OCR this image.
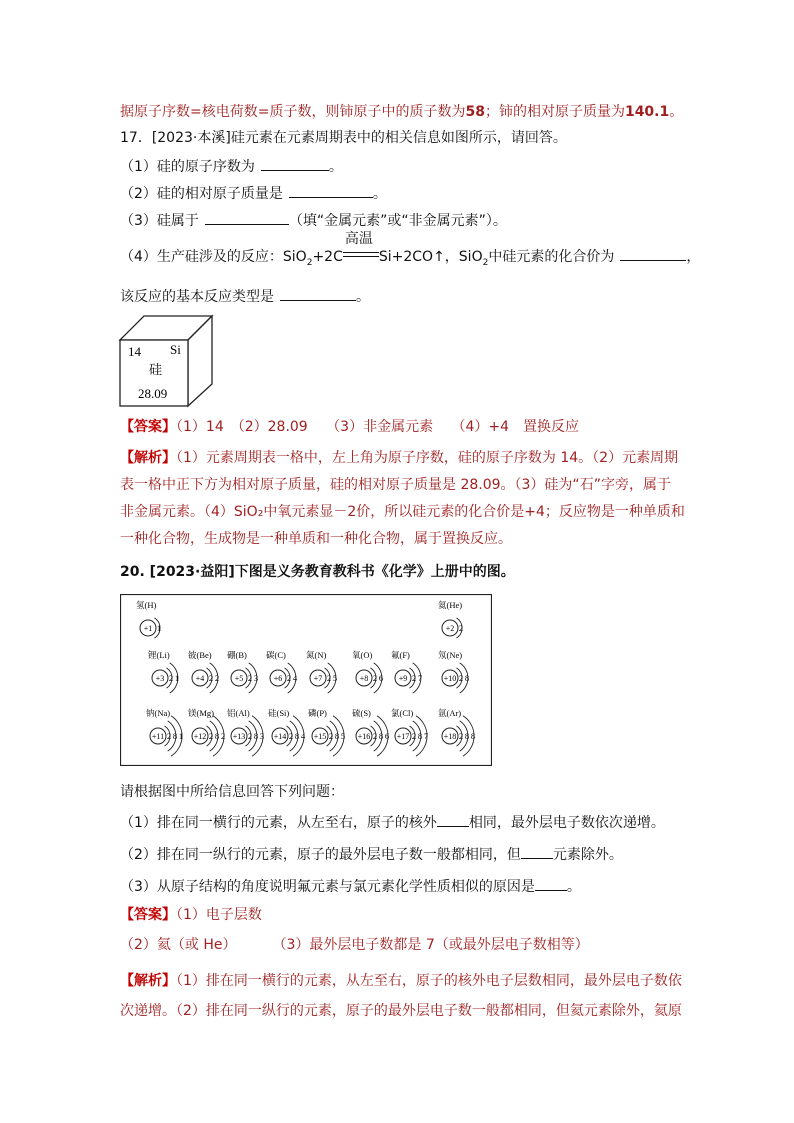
据原子序数=核电荷数=质子数，则铈原子中的质子数为58；铈的相对原子质量为140.1。
17．[2023·本溪]硅元素在元素周期表中的相关信息如图所示，请回答。
（1）硅的原子序数为	。
（2）硅的相对原子质量是	。
（3）硅属于	（填“金属元素”或“非金属元素”）。
（4）生产硅涉及的反应：SiO$_2$+2C
高温
Si+2CO↑，SiO$_2$中硅元素的化合价为	，
该反应的基本反应类型是	。
14 Si
硅
28.09
【答案】（1）14　（2）28.09　 （3）非金属元素　 （4）+4　置换反应
【解析】（1）元素周期表一格中，左上角为原子序数，硅的原子序数为 14。（2）元素周期
表一格中正下方为相对原子质量，硅的相对原子质量是 28.09。（3）硅为“石”字旁，属于
非金属元素。（4）SiO₂中氧元素显－2价，所以硅元素的化合价是+4；反应物是一种单质和
一种化合物，生成物是一种单质和一种化合物，属于置换反应。
20. [2023·益阳]下图是义务教育教科书《化学》上册中的图。
氢(H)
+1 1
氦(He)
+2 2
锂(Li)
+3 2 1
铍(Be)
+4 2 2
硼(B)
+5 2 3
碳(C)
+6 2 4
氮(N)
+7 2 5
氧(O)
+8 2 6
氟(F)
+9 2 7
氖(Ne)
+10 2 8
钠(Na)
+11 2 8 1
镁(Mg)
+12 2 8 2
铝(Al)
+13 2 8 3
硅(Si)
+14 2 8 4
磷(P)
+15 2 8 5
硫(S)
+16 2 8 6
氯(Cl)
+17 2 8 7
氩(Ar)
+18 2 8 8
请根据图中所给信息回答下列问题：
（1）排在同一横行的元素，从左至右，原子的核外 相同，最外层电子数依次递增。
（2）排在同一纵行的元素，原子的最外层电子数一般都相同，但 元素除外。
（3）从原子结构的角度说明氟元素与氯元素化学性质相似的原因是 。
【答案】（1）电子层数
（2）氦（或 He）	（3）最外层电子数都是 7（或最外层电子数相等）
【解析】（1）排在同一横行的元素，从左至右，原子的核外电子层数相同，最外层电子数依
次递增。（2）排在同一纵行的元素，原子的最外层电子数一般都相同，但氦元素除外，氦原
